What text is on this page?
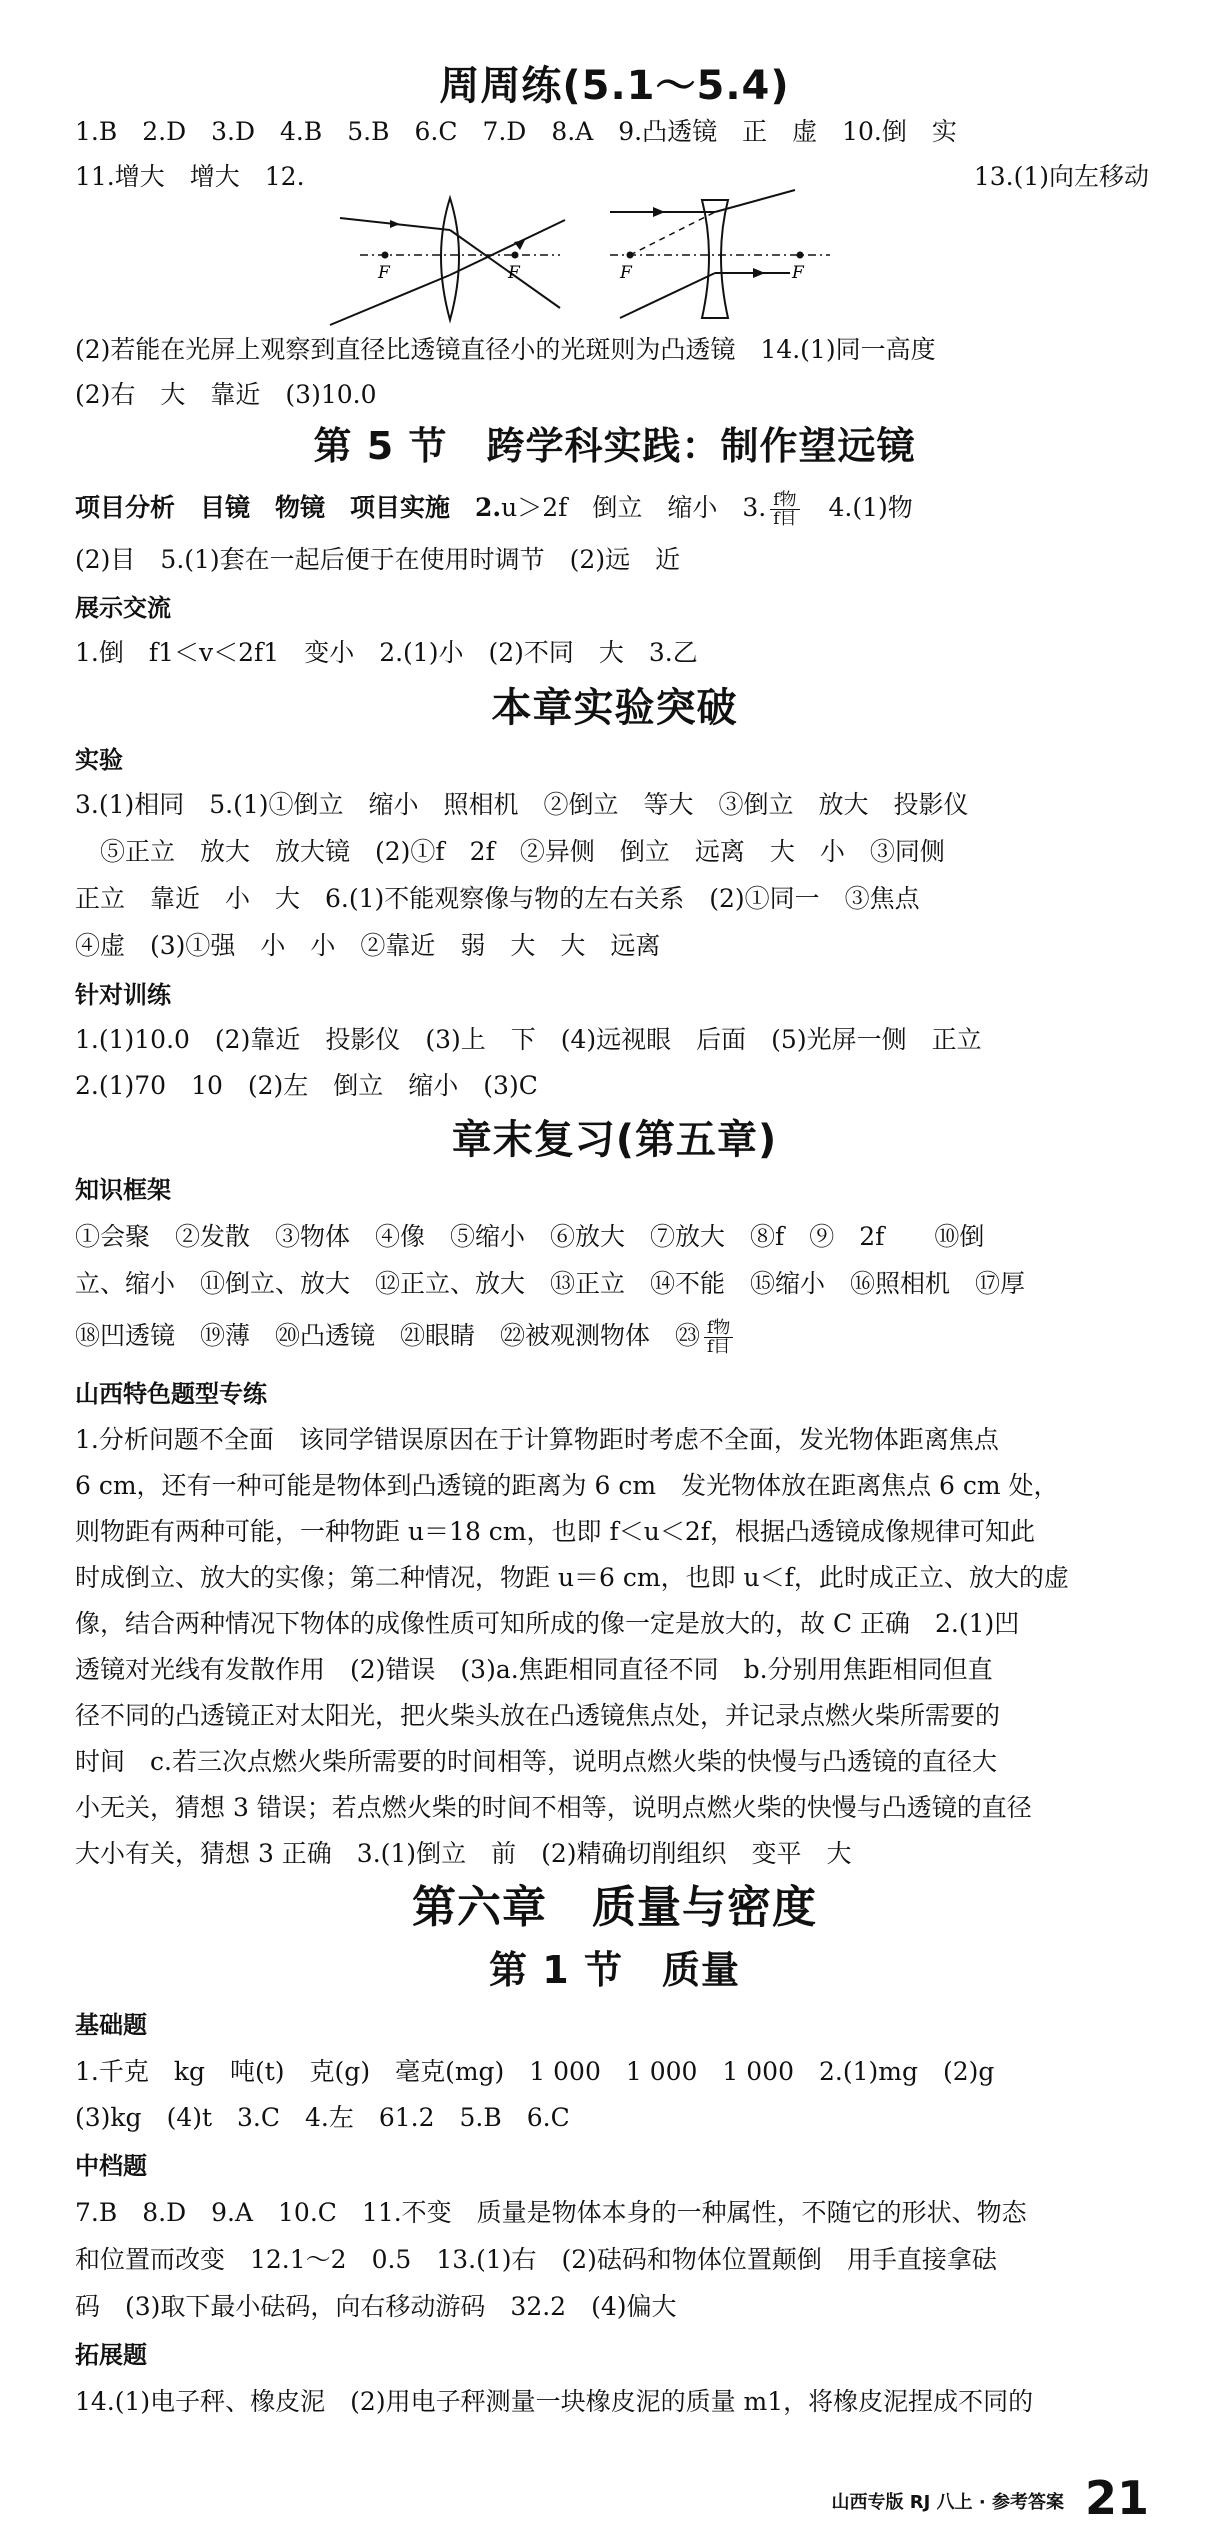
周周练(5.1～5.4)
1.B　2.D　3.D　4.B　5.B　6.C　7.D　8.A　9.凸透镜　正　虚　10.倒　实
11.增大　增大　12.	13.(1)向左移动
F	F	F	F
(2)若能在光屏上观察到直径比透镜直径小的光斑则为凸透镜　14.(1)同一高度
(2)右　大　靠近　(3)10.0
第 5 节　跨学科实践：制作望远镜
项目分析　目镜　物镜　项目实施　2.u＞2f　倒立　缩小　3. $\frac{\text{f物}}{\text{f目}}$ 　4.(1)物
(2)目　5.(1)套在一起后便于在使用时调节　(2)远　近
展示交流
1.倒　f1＜v＜2f1　变小　2.(1)小　(2)不同　大　3.乙
本章实验突破
实验
3.(1)相同　5.(1)①倒立　缩小　照相机　②倒立　等大　③倒立　放大　投影仪
　⑤正立　放大　放大镜　(2)①f　2f　②异侧　倒立　远离　大　小　③同侧
正立　靠近　小　大　6.(1)不能观察像与物的左右关系　(2)①同一　③焦点
④虚　(3)①强　小　小　②靠近　弱　大　大　远离
针对训练
1.(1)10.0　(2)靠近　投影仪　(3)上　下　(4)远视眼　后面　(5)光屏一侧　正立
2.(1)70　10　(2)左　倒立　缩小　(3)C
章末复习(第五章)
知识框架
①会聚　②发散　③物体　④像　⑤缩小　⑥放大　⑦放大　⑧f　⑨　2f　　⑩倒
立、缩小　⑪倒立、放大　⑫正立、放大　⑬正立　⑭不能　⑮缩小　⑯照相机　⑰厚
⑱凹透镜　⑲薄　⑳凸透镜　㉑眼睛　㉒被观测物体　㉓ $\frac{\text{f物}}{\text{f目}}$
山西特色题型专练
1.分析问题不全面　该同学错误原因在于计算物距时考虑不全面，发光物体距离焦点
6 cm，还有一种可能是物体到凸透镜的距离为 6 cm　发光物体放在距离焦点 6 cm 处，
则物距有两种可能，一种物距 u＝18 cm，也即 f＜u＜2f，根据凸透镜成像规律可知此
时成倒立、放大的实像；第二种情况，物距 u＝6 cm，也即 u＜f，此时成正立、放大的虚
像，结合两种情况下物体的成像性质可知所成的像一定是放大的，故 C 正确　2.(1)凹
透镜对光线有发散作用　(2)错误　(3)a.焦距相同直径不同　b.分别用焦距相同但直
径不同的凸透镜正对太阳光，把火柴头放在凸透镜焦点处，并记录点燃火柴所需要的
时间　c.若三次点燃火柴所需要的时间相等，说明点燃火柴的快慢与凸透镜的直径大
小无关，猜想 3 错误；若点燃火柴的时间不相等，说明点燃火柴的快慢与凸透镜的直径
大小有关，猜想 3 正确　3.(1)倒立　前　(2)精确切削组织　变平　大
第六章　质量与密度
第 1 节　质量
基础题
1.千克　kg　吨(t)　克(g)　毫克(mg)　1 000　1 000　1 000　2.(1)mg　(2)g
(3)kg　(4)t　3.C　4.左　61.2　5.B　6.C
中档题
7.B　8.D　9.A　10.C　11.不变　质量是物体本身的一种属性，不随它的形状、物态
和位置而改变　12.1～2　0.5　13.(1)右　(2)砝码和物体位置颠倒　用手直接拿砝
码　(3)取下最小砝码，向右移动游码　32.2　(4)偏大
拓展题
14.(1)电子秤、橡皮泥　(2)用电子秤测量一块橡皮泥的质量 m1，将橡皮泥捏成不同的
山西专版 RJ 八上 · 参考答案 21
